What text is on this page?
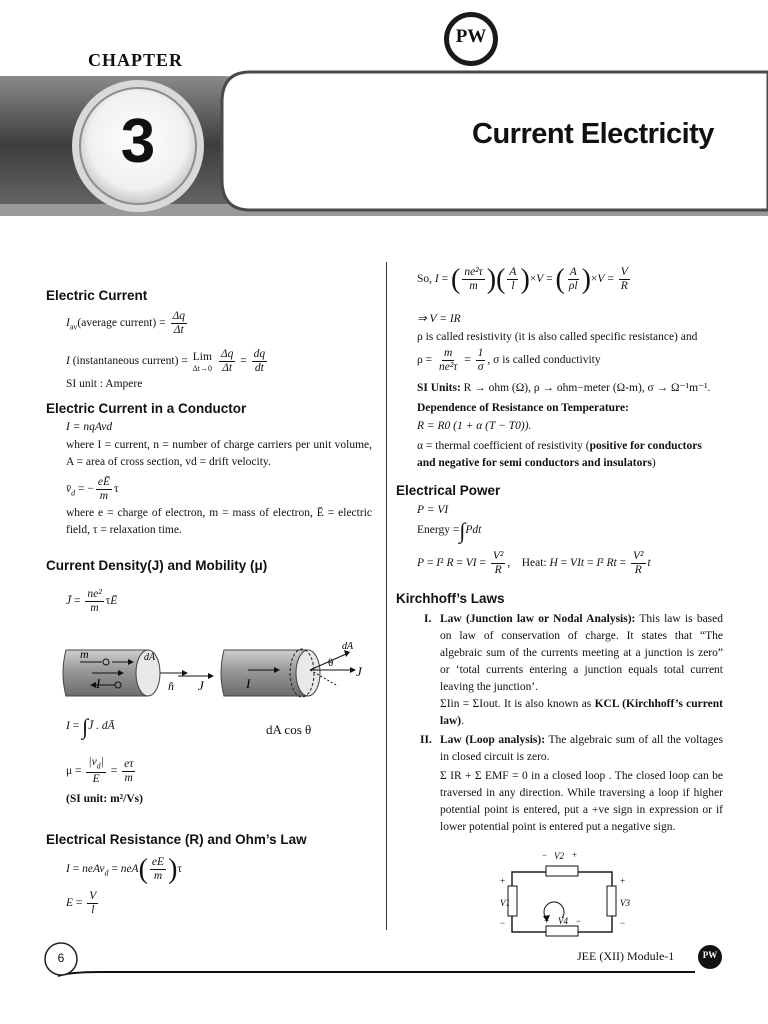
CHAPTER
3	Current Electricity
PW
Electric Current
$I_{av}(average$ current) = $\frac{\Delta q}{\Delta t}$
I (instantaneous current) = Lim
Δt→0
$\frac{\Delta q}{\Delta t} = \frac{dq}{dt}$
SI unit : Ampere
Electric Current in a Conductor
I = nqAvd
where I = current, n = number of charge carriers per unit volume, A = area of cross section, vd = drift velocity.
$v̄_d$ = − $\frac{eĒ}{m}$ τ
where e = charge of electron, m = mass of electron, Ē = electric field, τ = relaxation time.
Current Density(J) and Mobility (μ)
J̄ = $\frac{\text{ne²}}{m}$ τĒ
m
I	n̂ J
dA
I
dA
θ
J
dA cos θ
I = ∫J̄ . dĀ
$\mu = \frac{|v_d|}{E} = \frac{e\tau}{m}$
(SI unit: m²/Vs)
Electrical Resistance (R) and Ohm’s Law
I = neAv$_d$ = $neA( \frac{eE}{m} )\tau$
$E = \frac{V}{l}$
So, I = ( $\frac{\text{ne²τ}}{m}$ )( $\frac{A}{l} )\times V$ = ( $\frac{A}{\rho l} )\times V = \frac{V}{R}$
⇒ V = IR
ρ is called resistivity (it is also called specific resistance) and
$\rho = \frac{m}{\text{ne²τ}} = \frac{1}{\sigma}$ , σ is called conductivity
SI Units: R → ohm (Ω), ρ → ohm−meter (Ω-m), σ → Ω⁻¹m⁻¹.
Dependence of Resistance on Temperature:
R = R0 (1 + α (T − T0)).
α = thermal coefficient of resistivity (positive for conductors and negative for semi conductors and insulators)
Electrical Power
P = VI
Energy =∫Pdt
P = I² R = VI = $\frac{\text{V²}}{R}$ ,    Heat: H = VIt = I² $Rt = \frac{\text{V²}}{R}$ t
Kirchhoff’s Laws
I. Law (Junction law or Nodal Analysis): This law is based on law of conservation of charge. It states that “The algebraic sum of the currents meeting at a junction is zero” or ‘total currents entering a junction equals total current leaving the junction’.
ΣIin = ΣIout. It is also known as KCL (Kirchhoff’s current law).
II. Law (Loop analysis): The algebraic sum of all the voltages in closed circuit is zero.
Σ IR + Σ EMF = 0 in a closed loop . The closed loop can be traversed in any direction. While traversing a loop if higher potential point is entered, put a +ve sign in expression or if lower potential point is entered put a negative sign.
−	+
V2
V1	V3
V4
+
−
+
−
+	−
6	JEE (XII) Module-1	PW
